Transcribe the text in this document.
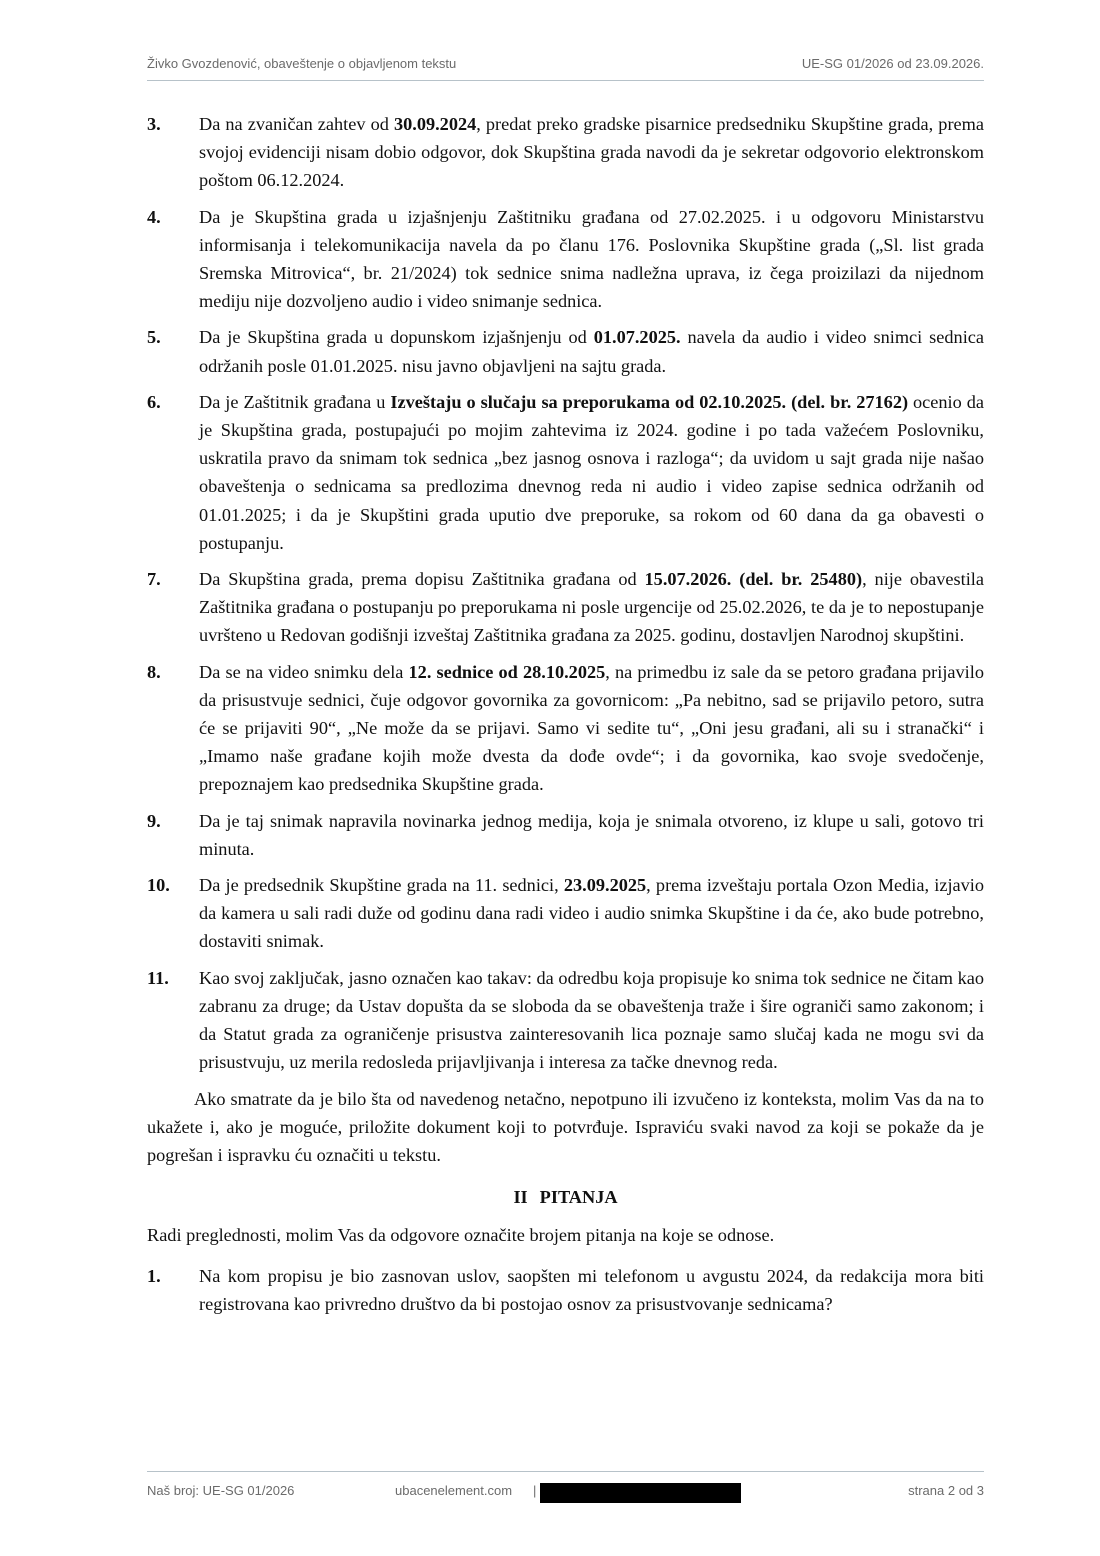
Živko Gvozdenović, obaveštenje o objavljenom tekstu	UE-SG 01/2026 od 23.09.2026.
3. Da na zvaničan zahtev od 30.09.2024, predat preko gradske pisarnice predsedniku Skupštine grada, prema svojoj evidenciji nisam dobio odgovor, dok Skupština grada navodi da je sekretar odgovorio elektronskom poštom 06.12.2024.
4. Da je Skupština grada u izjašnjenju Zaštitniku građana od 27.02.2025. i u odgovoru Ministarstvu informisanja i telekomunikacija navela da po članu 176. Poslovnika Skupštine grada („Sl. list grada Sremska Mitrovica“, br. 21/2024) tok sednice snima nadležna uprava, iz čega proizilazi da nijednom mediju nije dozvoljeno audio i video snimanje sednica.
5. Da je Skupština grada u dopunskom izjašnjenju od 01.07.2025. navela da audio i video snimci sednica održanih posle 01.01.2025. nisu javno objavljeni na sajtu grada.
6. Da je Zaštitnik građana u Izveštaju o slučaju sa preporukama od 02.10.2025. (del. br. 27162) ocenio da je Skupština grada, postupajući po mojim zahtevima iz 2024. godine i po tada važećem Poslovniku, uskratila pravo da snimam tok sednica „bez jasnog osnova i razloga“; da uvidom u sajt grada nije našao obaveštenja o sednicama sa predlozima dnevnog reda ni audio i video zapise sednica održanih od 01.01.2025; i da je Skupštini grada uputio dve preporuke, sa rokom od 60 dana da ga obavesti o postupanju.
7. Da Skupština grada, prema dopisu Zaštitnika građana od 15.07.2026. (del. br. 25480), nije obavestila Zaštitnika građana o postupanju po preporukama ni posle urgencije od 25.02.2026, te da je to nepostupanje uvršteno u Redovan godišnji izveštaj Zaštitnika građana za 2025. godinu, dostavljen Narodnoj skupštini.
8. Da se na video snimku dela 12. sednice od 28.10.2025, na primedbu iz sale da se petoro građana prijavilo da prisustvuje sednici, čuje odgovor govornika za govornicom: „Pa nebitno, sad se prijavilo petoro, sutra će se prijaviti 90“, „Ne može da se prijavi. Samo vi sedite tu“, „Oni jesu građani, ali su i stranački“ i „Imamo naše građane kojih može dvesta da dođe ovde“; i da govornika, kao svoje svedočenje, prepoznajem kao predsednika Skupštine grada.
9. Da je taj snimak napravila novinarka jednog medija, koja je snimala otvoreno, iz klupe u sali, gotovo tri minuta.
10. Da je predsednik Skupštine grada na 11. sednici, 23.09.2025, prema izveštaju portala Ozon Media, izjavio da kamera u sali radi duže od godinu dana radi video i audio snimka Skupštine i da će, ako bude potrebno, dostaviti snimak.
11. Kao svoj zaključak, jasno označen kao takav: da odredbu koja propisuje ko snima tok sednice ne čitam kao zabranu za druge; da Ustav dopušta da se sloboda da se obaveštenja traže i šire ograniči samo zakonom; i da Statut grada za ograničenje prisustva zainteresovanih lica poznaje samo slučaj kada ne mogu svi da prisustvuju, uz merila redosleda prijavljivanja i interesa za tačke dnevnog reda.
Ako smatrate da je bilo šta od navedenog netačno, nepotpuno ili izvučeno iz konteksta, molim Vas da na to ukažete i, ako je moguće, priložite dokument koji to potvrđuje. Ispraviću svaki navod za koji se pokaže da je pogrešan i ispravku ću označiti u tekstu.
II PITANJA
Radi preglednosti, molim Vas da odgovore označite brojem pitanja na koje se odnose.
1. Na kom propisu je bio zasnovan uslov, saopšten mi telefonom u avgustu 2024, da redakcija mora biti registrovana kao privredno društvo da bi postojao osnov za prisustvovanje sednicama?
Naš broj: UE-SG 01/2026	ubacenelement.com |	strana 2 od 3
